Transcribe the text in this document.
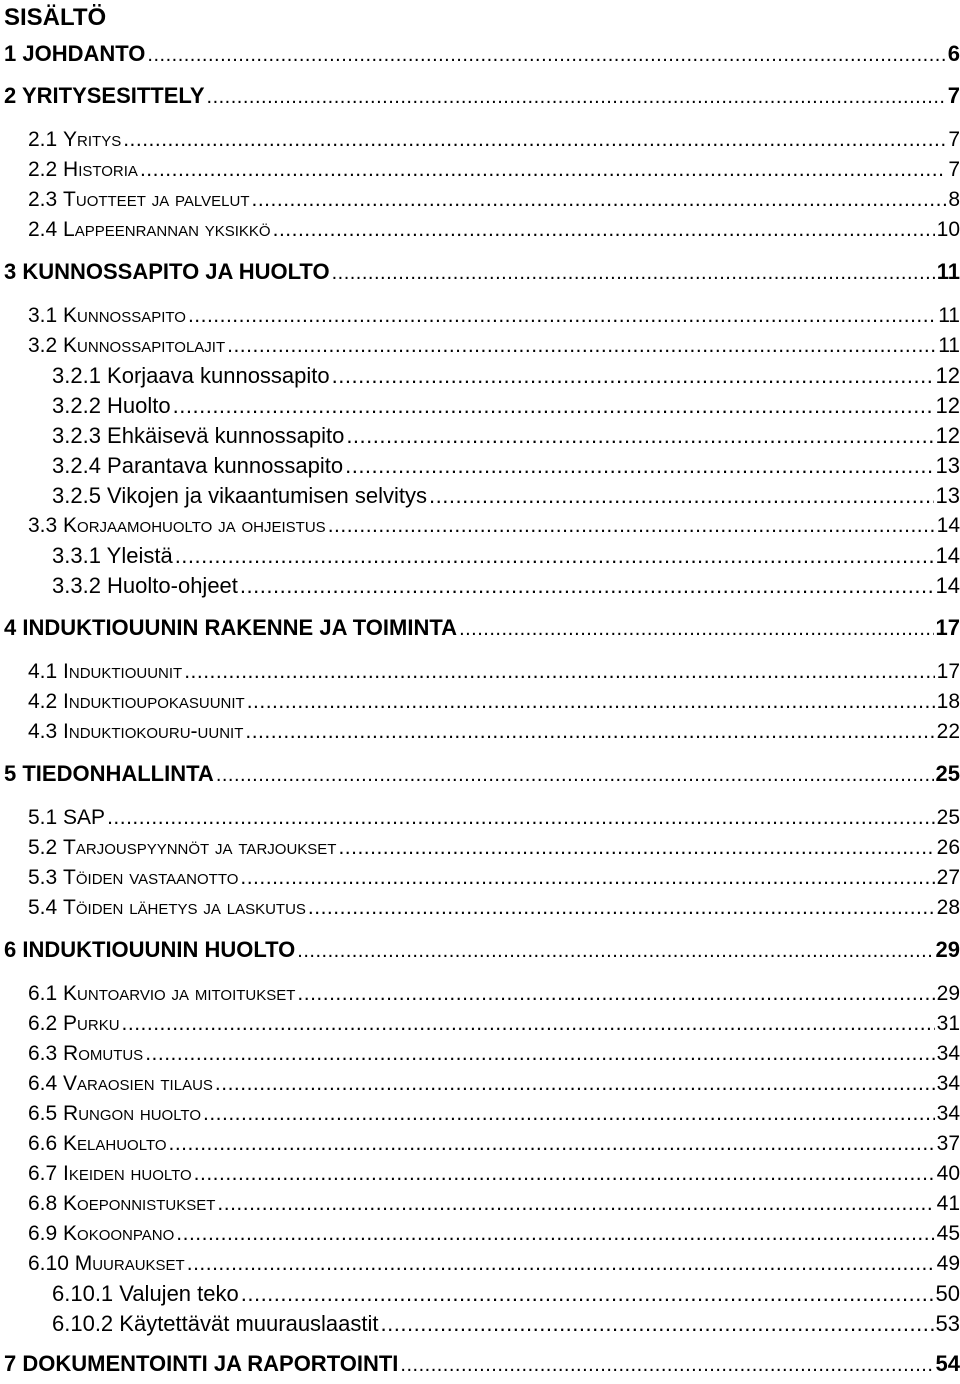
SISÄLTÖ
1 JOHDANTO .....	6
2 YRITYSESITTELY .....	7
2.1 Yritys .....	7
2.2 Historia .....	7
2.3 Tuotteet ja palvelut .....	8
2.4 Lappeenrannan yksikkö .....	10
3 KUNNOSSAPITO JA HUOLTO .....	11
3.1 Kunnossapito .....	11
3.2 Kunnossapitolajit .....	11
3.2.1 Korjaava kunnossapito .....	12
3.2.2 Huolto .....	12
3.2.3 Ehkäisevä kunnossapito .....	12
3.2.4 Parantava kunnossapito .....	13
3.2.5 Vikojen ja vikaantumisen selvitys .....	13
3.3 Korjaamohuolto ja ohjeistus .....	14
3.3.1 Yleistä .....	14
3.3.2 Huolto-ohjeet .....	14
4 INDUKTIOUUNIN RAKENNE JA TOIMINTA .....	17
4.1 Induktiouunit .....	17
4.2 Induktioupokasuunit .....	18
4.3 Induktiokouru-uunit .....	22
5 TIEDONHALLINTA .....	25
5.1 SAP .....	25
5.2 Tarjouspyynnöt ja tarjoukset .....	26
5.3 Töiden vastaanotto .....	27
5.4 Töiden lähetys ja laskutus .....	28
6 INDUKTIOUUNIN HUOLTO .....	29
6.1 Kuntoarvio ja mitoitukset .....	29
6.2 Purku .....	31
6.3 Romutus .....	34
6.4 Varaosien tilaus .....	34
6.5 Rungon huolto .....	34
6.6 Kelahuolto .....	37
6.7 Ikeiden huolto .....	40
6.8 Koeponnistukset .....	41
6.9 Kokoonpano .....	45
6.10 Muuraukset .....	49
6.10.1 Valujen teko .....	50
6.10.2 Käytettävät muurauslaastit .....	53
7 DOKUMENTOINTI JA RAPORTOINTI .....	54
